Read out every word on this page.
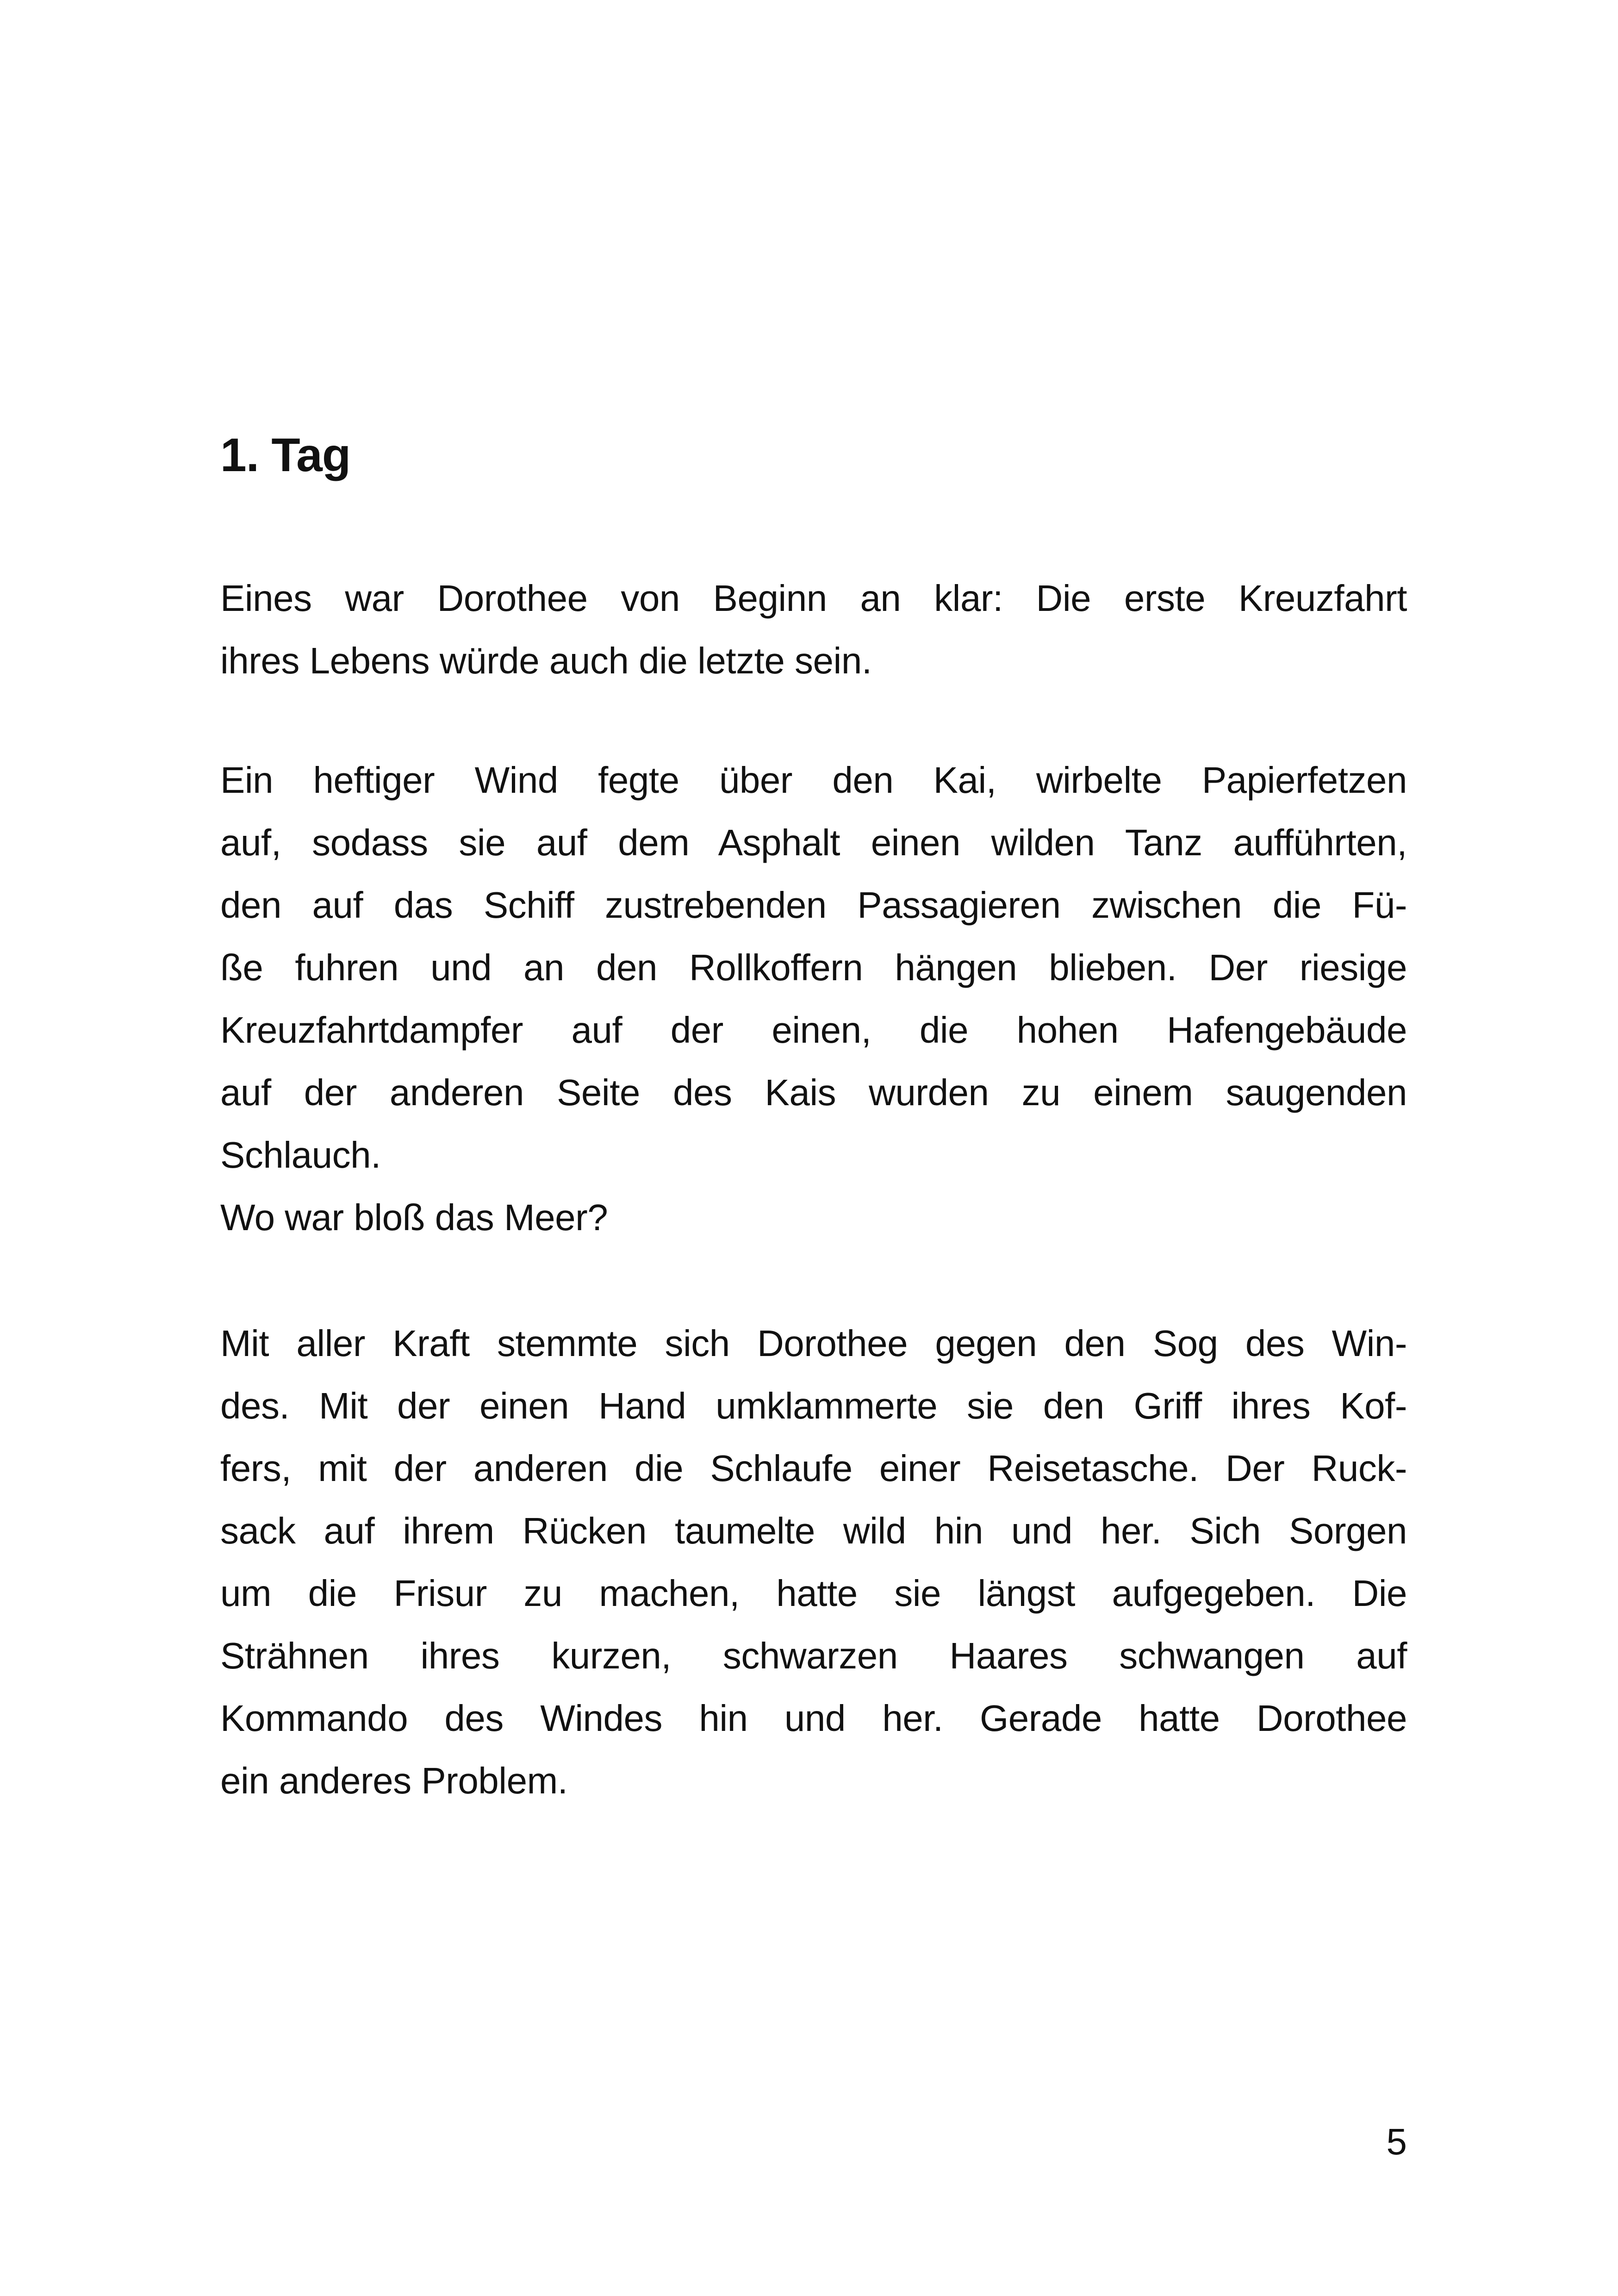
1. Tag
Eines war Dorothee von Beginn an klar: Die erste Kreuzfahrt
ihres Lebens würde auch die letzte sein.
Ein heftiger Wind fegte über den Kai, wirbelte Papierfetzen
auf, sodass sie auf dem Asphalt einen wilden Tanz aufführten,
den auf das Schiff zustrebenden Passagieren zwischen die Fü-
ße fuhren und an den Rollkoffern hängen blieben. Der riesige
Kreuzfahrtdampfer auf der einen, die hohen Hafengebäude
auf der anderen Seite des Kais wurden zu einem saugenden
Schlauch.
Wo war bloß das Meer?
Mit aller Kraft stemmte sich Dorothee gegen den Sog des Win-
des. Mit der einen Hand umklammerte sie den Griff ihres Kof-
fers, mit der anderen die Schlaufe einer Reisetasche. Der Ruck-
sack auf ihrem Rücken taumelte wild hin und her. Sich Sorgen
um die Frisur zu machen, hatte sie längst aufgegeben. Die
Strähnen ihres kurzen, schwarzen Haares schwangen auf
Kommando des Windes hin und her. Gerade hatte Dorothee
ein anderes Problem.
5
